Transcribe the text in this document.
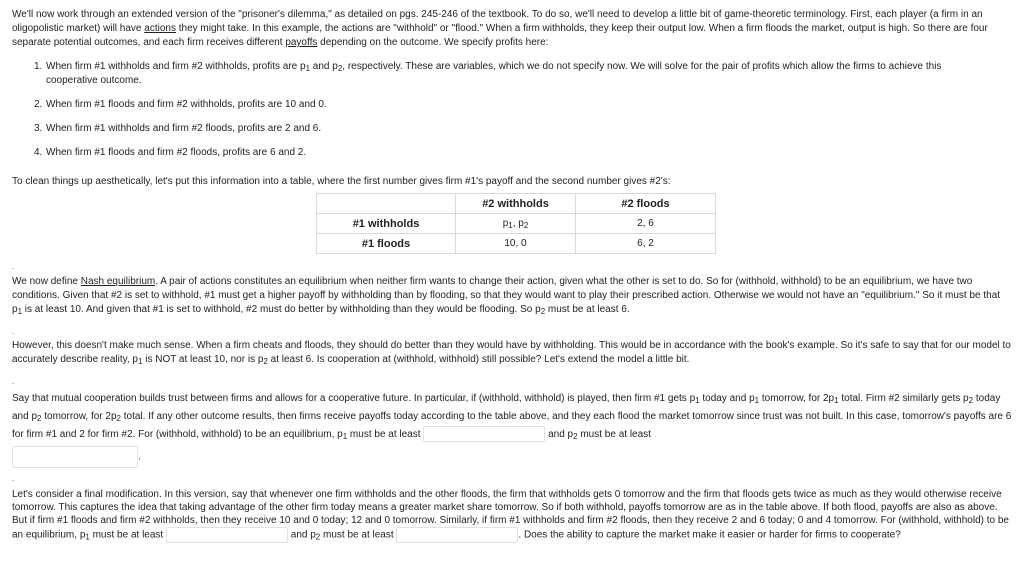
We'll now work through an extended version of the "prisoner's dilemma," as detailed on pgs. 245-246 of the textbook. To do so, we'll need to develop a little bit of game-theoretic terminology. First, each player (a firm in an oligopolistic market) will have actions they might take. In this example, the actions are "withhold" or "flood." When a firm withholds, they keep their output low. When a firm floods the market, output is high. So there are four separate potential outcomes, and each firm receives different payoffs depending on the outcome. We specify profits here:

1. When firm #1 withholds and firm #2 withholds, profits are $p_1$ and $p_2$, respectively. These are variables, which we do not specify now. We will solve for the pair of profits which allow the firms to achieve this cooperative outcome.
2. When firm #1 floods and firm #2 withholds, profits are 10 and 0.
3. When firm #1 withholds and firm #2 floods, profits are 2 and 6.
4. When firm #1 floods and firm #2 floods, profits are 6 and 2.

To clean things up aesthetically, let's put this information into a table, where the first number gives firm #1's payoff and the second number gives #2's:

	#2 withholds	#2 floods
#1 withholds	$p_1$, $p_2$	2, 6
#1 floods	10, 0	6, 2
.

We now define Nash equilibrium. A pair of actions constitutes an equilibrium when neither firm wants to change their action, given what the other is set to do. So for (withhold, withhold) to be an equilibrium, we have two conditions. Given that #2 is set to withhold, #1 must get a higher payoff by withholding than by flooding, so that they would want to play their prescribed action. Otherwise we would not have an "equilibrium." So it must be that $p_1$ is at least 10. And given that #1 is set to withhold, #2 must do better by withholding than they would be flooding. So $p_2$ must be at least 6.

.

However, this doesn't make much sense. When a firm cheats and floods, they should do better than they would have by withholding. This would be in accordance with the book's example. So it's safe to say that for our model to accurately describe reality, $p_1$ is NOT at least 10, nor is $p_2$ at least 6. Is cooperation at (withhold, withhold) still possible? Let's extend the model a little bit.

.
Say that mutual cooperation builds trust between firms and allows for a cooperative future. In particular, if (withhold, withhold) is played, then firm #1 gets $p_1$ today and $p_1$ tomorrow, for $2p_1$ total. Firm #2 similarly gets $p_2$ today and $p_2$ tomorrow, for $2p_2$ total. If any other outcome results, then firms receive payoffs today according to the table above, and they each flood the market tomorrow since trust was not built. In this case, tomorrow's payoffs are 6 for firm #1 and 2 for firm #2. For (withhold, withhold) to be an equilibrium, $p_1$ must be at least	and $p_2$ must be at least
.
.
Let's consider a final modification. In this version, say that whenever one firm withholds and the other floods, the firm that withholds gets 0 tomorrow and the firm that floods gets twice as much as they would otherwise receive tomorrow. This captures the idea that taking advantage of the other firm today means a greater market share tomorrow. So if both withhold, payoffs tomorrow are as in the table above. If both flood, payoffs are also as above. But if firm #1 floods and firm #2 withholds, then they receive 10 and 0 today; 12 and 0 tomorrow. Similarly, if firm #1 withholds and firm #2 floods, then they receive 2 and 6 today; 0 and 4 tomorrow. For (withhold, withhold) to be an equilibrium, $p_1$ must be at least	and $p_2$ must be at least	. Does the ability to capture the market make it easier or harder for firms to cooperate?
